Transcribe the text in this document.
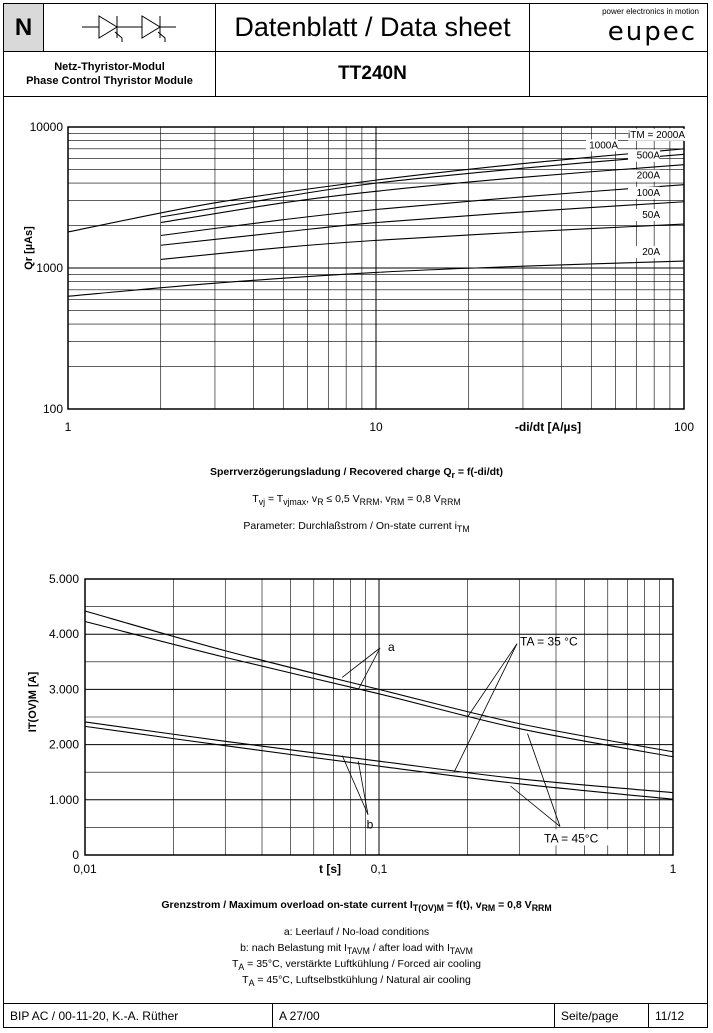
N	Datenblatt / Data sheet
power electronics in motion
eupec
Netz-Thyristor-Modul
Phase Control Thyristor Module	TT240N
1	10	100
100
1000
10000
-di/dt [A/µs]
Qr [µAs]
iTM = 2000A
1000A
500A
200A
100A
50A
20A
Sperrverzögerungsladung / Recovered charge $Q_r = f(-di/dt)$
$T_{vj} = T_{vjmax}$, $v_R \le 0,5$ $V_{RRM}$, $v_{RM} = 0,8$ $V_{RRM}$
Parameter: Durchlaßstrom / On-state current $i_{TM}$
0,01	0,1	1
0
1.000
2.000
3.000
4.000
5.000
t [s]
IT(OV)M [A]
a
b
TA = 35 °C
TA = 45°C
Grenzstrom / Maximum overload on-state current $I_{T(OV)M} = f(t)$, $v_{RM} = 0,8$ $V_{RRM}$
a: Leerlauf / No-load conditions
b: nach Belastung mit $I_{TAVM}$ / after load with $I_{TAVM}$
$T_A = 35^\circ C$, verstärkte Luftkühlung / Forced air cooling
$T_A = 45^\circ C$, Luftselbstkühlung / Natural air cooling
BIP AC / 00-11-20, K.-A. Rüther	A 27/00	Seite/page	11/12
